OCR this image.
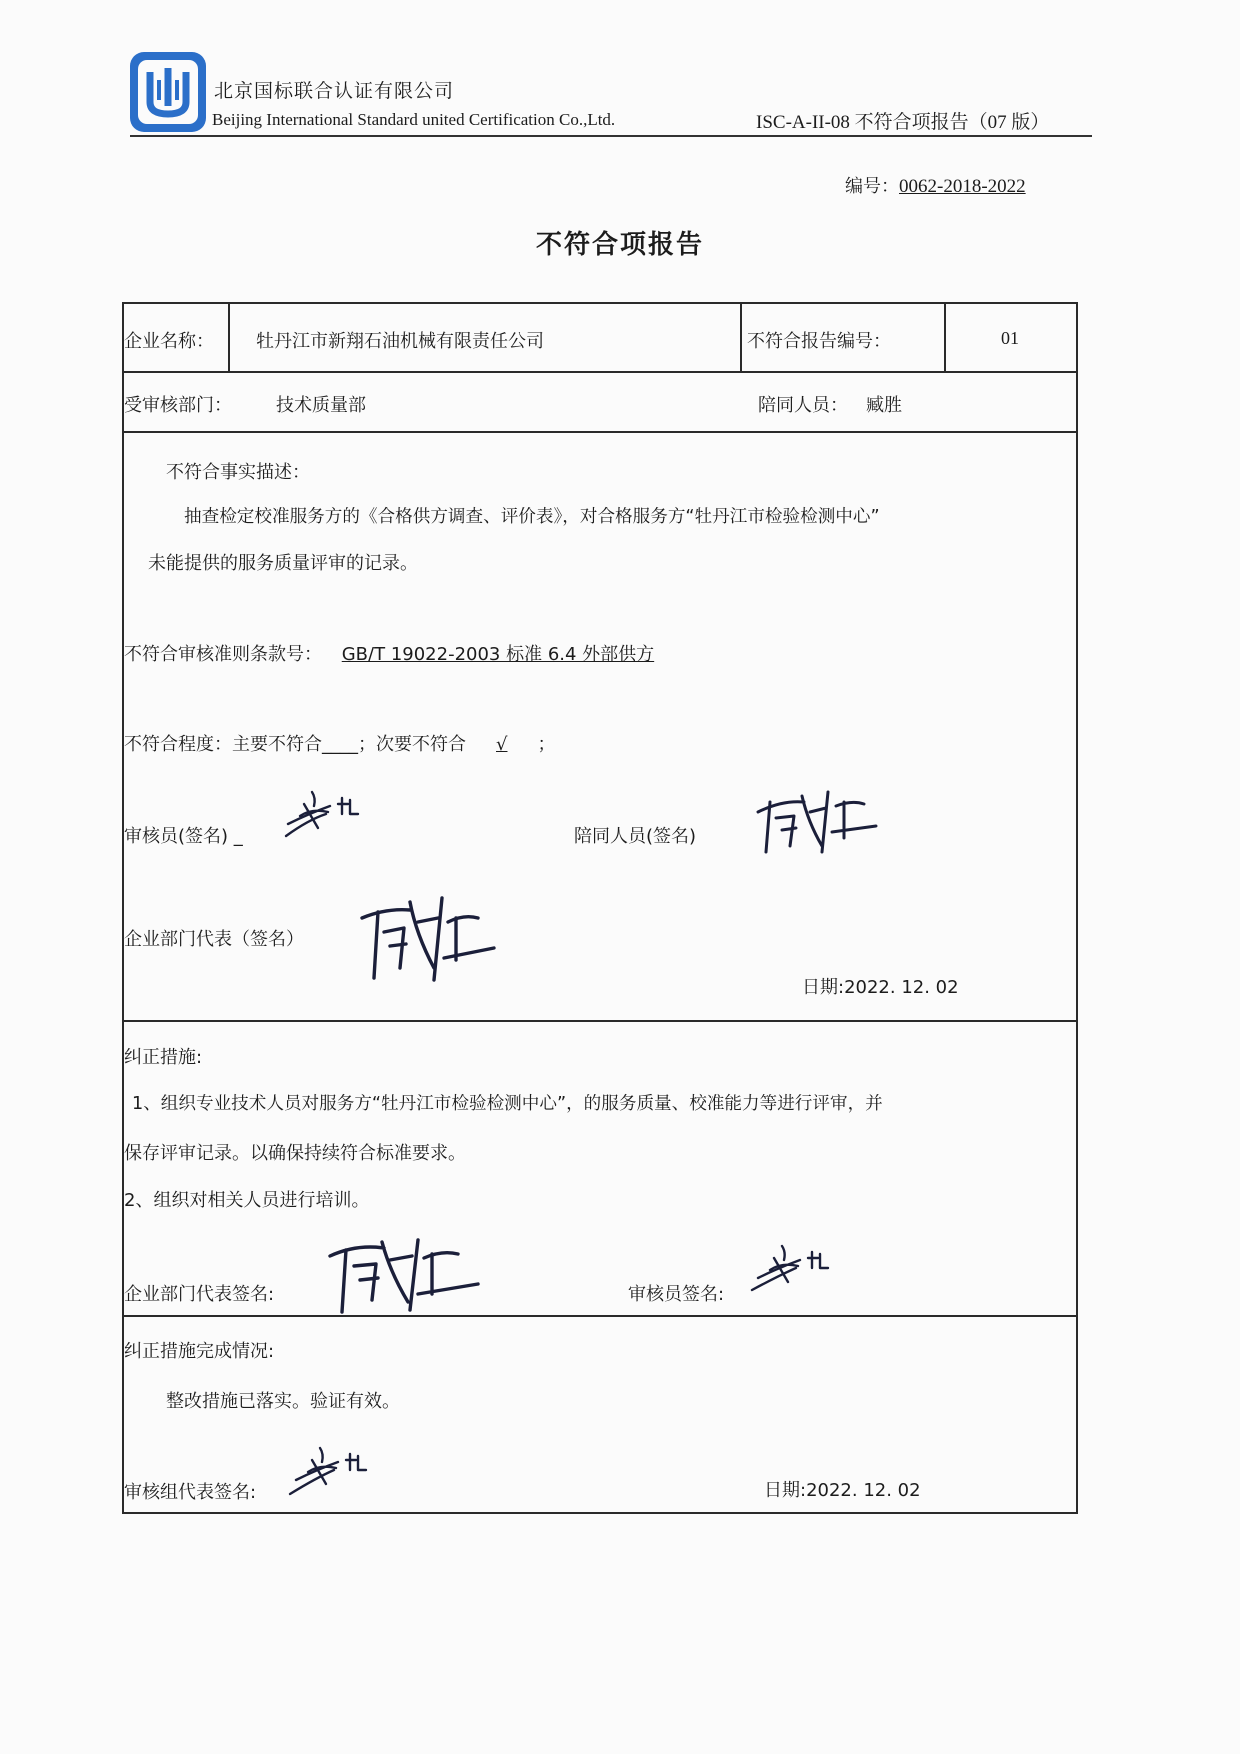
北京国标联合认证有限公司
Beijing International Standard united Certification Co.,Ltd.	ISC-A-II-08 不符合项报告（07 版）
编号：0062-2018-2022
不符合项报告
企业名称： 牡丹江市新翔石油机械有限责任公司	不符合报告编号：	01
受审核部门： 技术质量部	陪同人员： 臧胜
不符合事实描述：
抽查检定校准服务方的《合格供方调查、评价表》，对合格服务方“牡丹江市检验检测中心”
未能提供的服务质量评审的记录。
不符合审核准则条款号： GB/T 19022-2003 标准 6.4 外部供方
不符合程度：主要不符合____；次要不符合 √ ；
审核员(签名) _	陪同人员(签名)
企业部门代表（签名）
日期:2022. 12. 02
纠正措施:
1、组织专业技术人员对服务方“牡丹江市检验检测中心”，的服务质量、校准能力等进行评审，并
保存评审记录。以确保持续符合标准要求。
2、组织对相关人员进行培训。
企业部门代表签名:	审核员签名:
纠正措施完成情况:
整改措施已落实。验证有效。
审核组代表签名:	日期:2022. 12. 02
